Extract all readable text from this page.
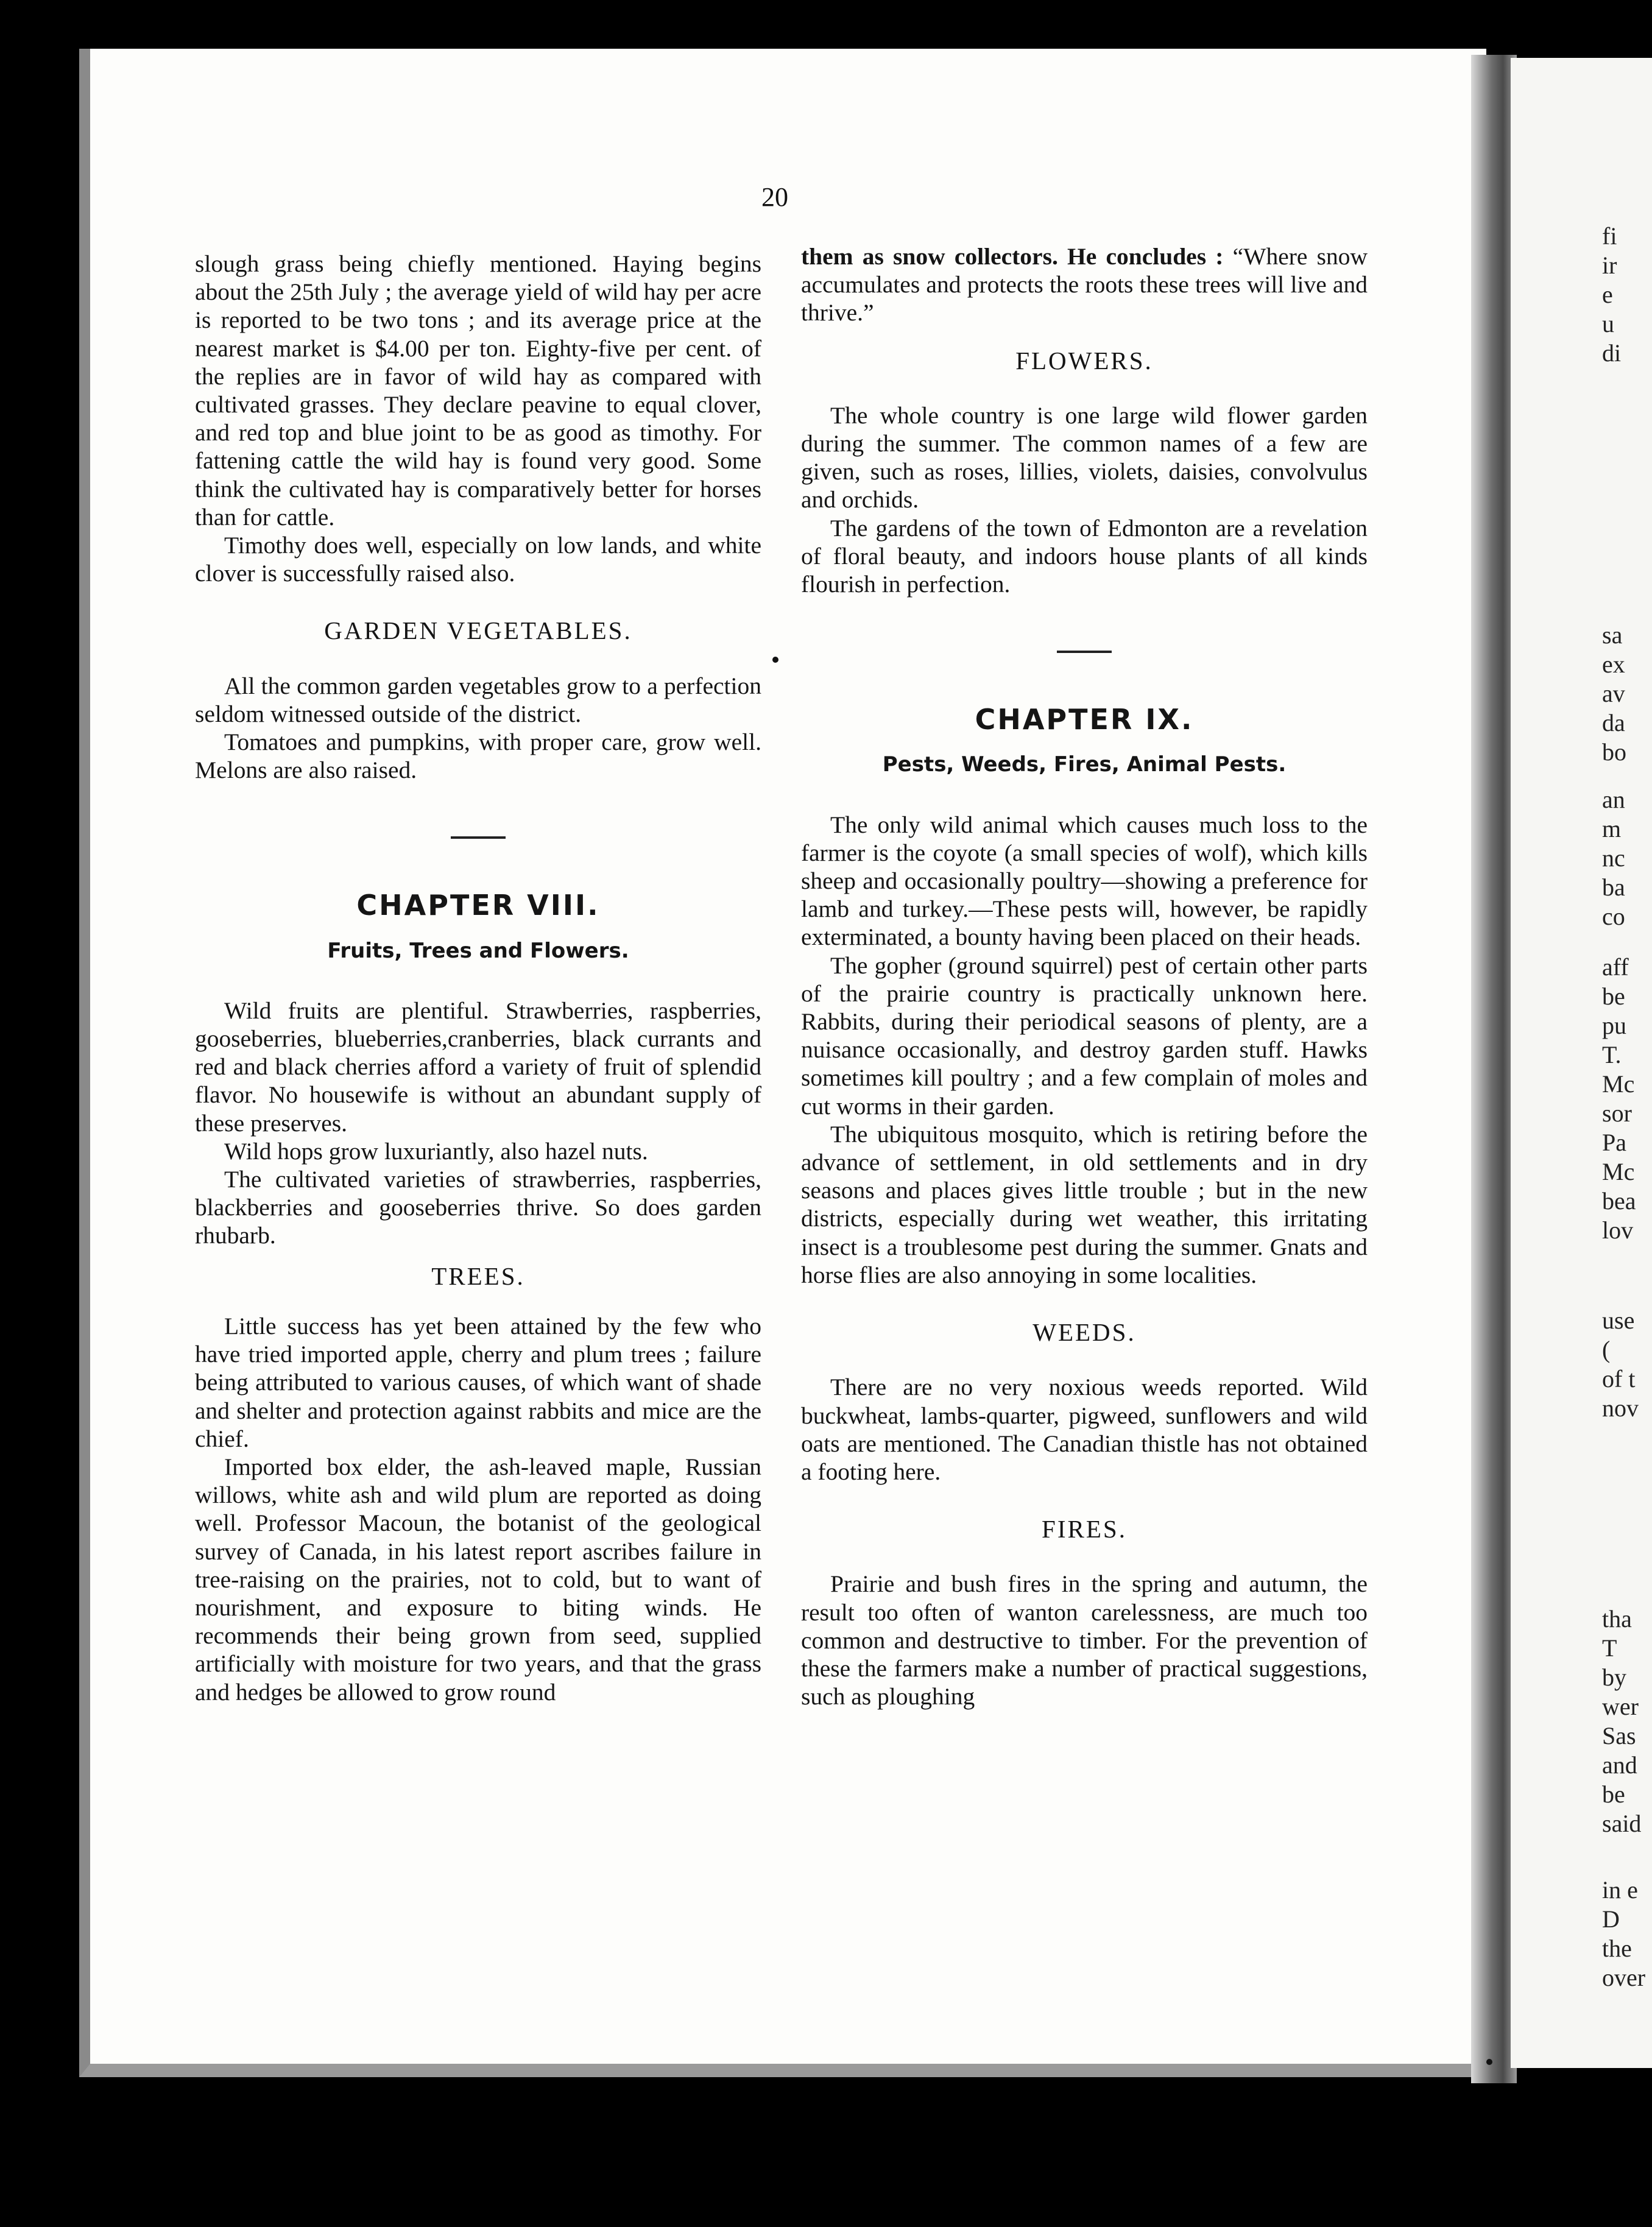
fi
ir
e
u
di
sa
ex
av
da
bo
an
m
nc
ba
co
aff
be
pu
T.
Mc
sor
Pa
Mc
bea
lov
use
(
of t
nov
tha
T
by
wer
Sas
and
be
said
in e
D
the
over
20

slough grass being chiefly mentioned. Haying begins about the 25th July ; the average yield of wild hay per acre is reported to be two tons ; and its average price at the nearest market is $4.00 per ton. Eighty-five per cent. of the replies are in favor of wild hay as compared with cultivated grasses. They declare peavine to equal clover, and red top and blue joint to be as good as timothy. For fattening cattle the wild hay is found very good. Some think the cultivated hay is comparatively better for horses than for cattle.

Timothy does well, especially on low lands, and white clover is successfully raised also.

GARDEN VEGETABLES.

All the common garden vegetables grow to a perfection seldom witnessed outside of the district.

Tomatoes and pumpkins, with proper care, grow well. Melons are also raised.

CHAPTER VIII.
Fruits, Trees and Flowers.

Wild fruits are plentiful. Strawberries, raspberries, gooseberries, blueberries,cranberries, black currants and red and black cherries afford a variety of fruit of splendid flavor. No housewife is without an abundant supply of these preserves.

Wild hops grow luxuriantly, also hazel nuts.

The cultivated varieties of strawberries, raspberries, blackberries and gooseberries thrive. So does garden rhubarb.

TREES.

Little success has yet been attained by the few who have tried imported apple, cherry and plum trees ; failure being attributed to various causes, of which want of shade and shelter and protection against rabbits and mice are the chief.

Imported box elder, the ash-leaved maple, Russian willows, white ash and wild plum are reported as doing well. Professor Macoun, the botanist of the geological survey of Canada, in his latest report ascribes failure in tree-raising on the prairies, not to cold, but to want of nourishment, and exposure to biting winds. He recommends their being grown from seed, supplied artificially with moisture for two years, and that the grass and hedges be allowed to grow round

them as snow collectors. He concludes : “Where snow accumulates and protects the roots these trees will live and thrive.”

FLOWERS.

The whole country is one large wild flower garden during the summer. The common names of a few are given, such as roses, lillies, violets, daisies, convolvulus and orchids.

The gardens of the town of Edmonton are a revelation of floral beauty, and indoors house plants of all kinds flourish in perfection.

CHAPTER IX.
Pests, Weeds, Fires, Animal Pests.

The only wild animal which causes much loss to the farmer is the coyote (a small species of wolf), which kills sheep and occasionally poultry—showing a preference for lamb and turkey.—These pests will, however, be rapidly exterminated, a bounty having been placed on their heads.

The gopher (ground squirrel) pest of certain other parts of the prairie country is practically unknown here. Rabbits, during their periodical seasons of plenty, are a nuisance occasionally, and destroy garden stuff. Hawks sometimes kill poultry ; and a few complain of moles and cut worms in their garden.

The ubiquitous mosquito, which is retiring before the advance of settlement, in old settlements and in dry seasons and places gives little trouble ; but in the new districts, especially during wet weather, this irritating insect is a troublesome pest during the summer. Gnats and horse flies are also annoying in some localities.

WEEDS.

There are no very noxious weeds reported. Wild buckwheat, lambs-quarter, pigweed, sunflowers and wild oats are mentioned. The Canadian thistle has not obtained a footing here.

FIRES.

Prairie and bush fires in the spring and autumn, the result too often of wanton carelessness, are much too common and destructive to timber. For the prevention of these the farmers make a number of practical suggestions, such as ploughing
